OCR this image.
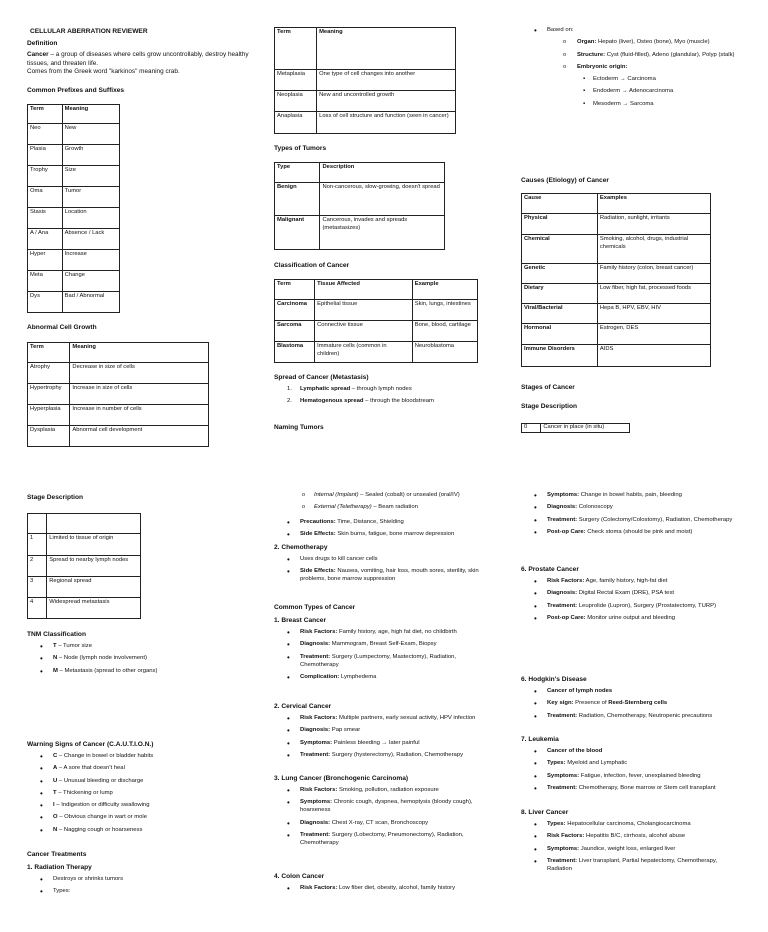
CELLULAR ABERRATION REVIEWER
Definition
Cancer – a group of diseases where cells grow uncontrollably, destroy healthy tissues, and threaten life.
Comes from the Greek word "karkinos" meaning crab.
Common Prefixes and Suffixes
Term	Meaning
Neo	New
Plasia	Growth
Trophy	Size
Oma	Tumor
Stasis	Location
A / Ana	Absence / Lack
Hyper	Increase
Meta	Change
Dys	Bad / Abnormal
Abnormal Cell Growth
Term	Meaning
Atrophy	Decrease in size of cells
Hypertrophy	Increase in size of cells
Hyperplasia	Increase in number of cells
Dysplasia	Abnormal cell development
Term	Meaning
Metaplasia	One type of cell changes into another
Neoplasia	New and uncontrolled growth
Anaplasia	Loss of cell structure and function (seen in cancer)
Types of Tumors
Type	Description
Benign	Non-cancerous, slow-growing, doesn't spread
Malignant	Cancerous, invades and spreads (metastasizes)
Classification of Cancer
Term	Tissue Affected	Example
Carcinoma	Epithelial tissue	Skin, lungs, intestines
Sarcoma	Connective tissue	Bone, blood, cartilage
Blastoma	Immature cells (common in children)	Neuroblastoma
Spread of Cancer (Metastasis)
1. Lymphatic spread – through lymph nodes
2. Hematogenous spread – through the bloodstream
Naming Tumors
• Based on:
o Organ: Hepato (liver), Osteo (bone), Myo (muscle)
o Structure: Cyst (fluid-filled), Adeno (glandular), Polyp (stalk)
o Embryonic origin:
▪ Ectoderm → Carcinoma
▪ Endoderm → Adenocarcinoma
▪ Mesoderm → Sarcoma
Causes (Etiology) of Cancer
Cause	Examples
Physical	Radiation, sunlight, irritants
Chemical	Smoking, alcohol, drugs, industrial chemicals
Genetic	Family history (colon, breast cancer)
Dietary	Low fiber, high fat, processed foods
Viral/Bacterial	Hepa B, HPV, EBV, HIV
Hormonal	Estrogen, DES
Immune Disorders	AIDS
Stages of Cancer
Stage Description
0	Cancer in place (in situ)
Stage Description

1	Limited to tissue of origin
2	Spread to nearby lymph nodes
3	Regional spread
4	Widespread metastasis
TNM Classification
• T – Tumor size
• N – Node (lymph node involvement)
• M – Metastasis (spread to other organs)
Warning Signs of Cancer (C.A.U.T.I.O.N.)
• C – Change in bowel or bladder habits
• A – A sore that doesn't heal
• U – Unusual bleeding or discharge
• T – Thickening or lump
• I – Indigestion or difficulty swallowing
• O – Obvious change in wart or mole
• N – Nagging cough or hoarseness
Cancer Treatments
1. Radiation Therapy
• Destroys or shrinks tumors
• Types:
o Internal (Implant) – Sealed (cobalt) or unsealed (oral/IV)
o External (Teletherapy) – Beam radiation
• Precautions: Time, Distance, Shielding
• Side Effects: Skin burns, fatigue, bone marrow depression
2. Chemotherapy
• Uses drugs to kill cancer cells
• Side Effects: Nausea, vomiting, hair loss, mouth sores, sterility, skin problems, bone marrow suppression
Common Types of Cancer
1. Breast Cancer
• Risk Factors: Family history, age, high fat diet, no childbirth
• Diagnosis: Mammogram, Breast Self-Exam, Biopsy
• Treatment: Surgery (Lumpectomy, Mastectomy), Radiation, Chemotherapy
• Complication: Lymphedema
2. Cervical Cancer
• Risk Factors: Multiple partners, early sexual activity, HPV infection
• Diagnosis: Pap smear
• Symptoms: Painless bleeding → later painful
• Treatment: Surgery (hysterectomy), Radiation, Chemotherapy
3. Lung Cancer (Bronchogenic Carcinoma)
• Risk Factors: Smoking, pollution, radiation exposure
• Symptoms: Chronic cough, dyspnea, hemoptysis (bloody cough), hoarseness
• Diagnosis: Chest X-ray, CT scan, Bronchoscopy
• Treatment: Surgery (Lobectomy, Pneumonectomy), Radiation, Chemotherapy
4. Colon Cancer
• Risk Factors: Low fiber diet, obesity, alcohol, family history
• Symptoms: Change in bowel habits, pain, bleeding
• Diagnosis: Colonoscopy
• Treatment: Surgery (Colectomy/Colostomy), Radiation, Chemotherapy
• Post-op Care: Check stoma (should be pink and moist)
6. Prostate Cancer
• Risk Factors: Age, family history, high-fat diet
• Diagnosis: Digital Rectal Exam (DRE), PSA test
• Treatment: Leuprolide (Lupron), Surgery (Prostatectomy, TURP)
• Post-op Care: Monitor urine output and bleeding
6. Hodgkin's Disease
• Cancer of lymph nodes
• Key sign: Presence of Reed-Sternberg cells
• Treatment: Radiation, Chemotherapy, Neutropenic precautions
7. Leukemia
• Cancer of the blood
• Types: Myeloid and Lymphatic
• Symptoms: Fatigue, infection, fever, unexplained bleeding
• Treatment: Chemotherapy, Bone marrow or Stem cell transplant
8. Liver Cancer
• Types: Hepatocellular carcinoma, Cholangiocarcinoma
• Risk Factors: Hepatitis B/C, cirrhosis, alcohol abuse
• Symptoms: Jaundice, weight loss, enlarged liver
• Treatment: Liver transplant, Partial hepatectomy, Chemotherapy, Radiation
